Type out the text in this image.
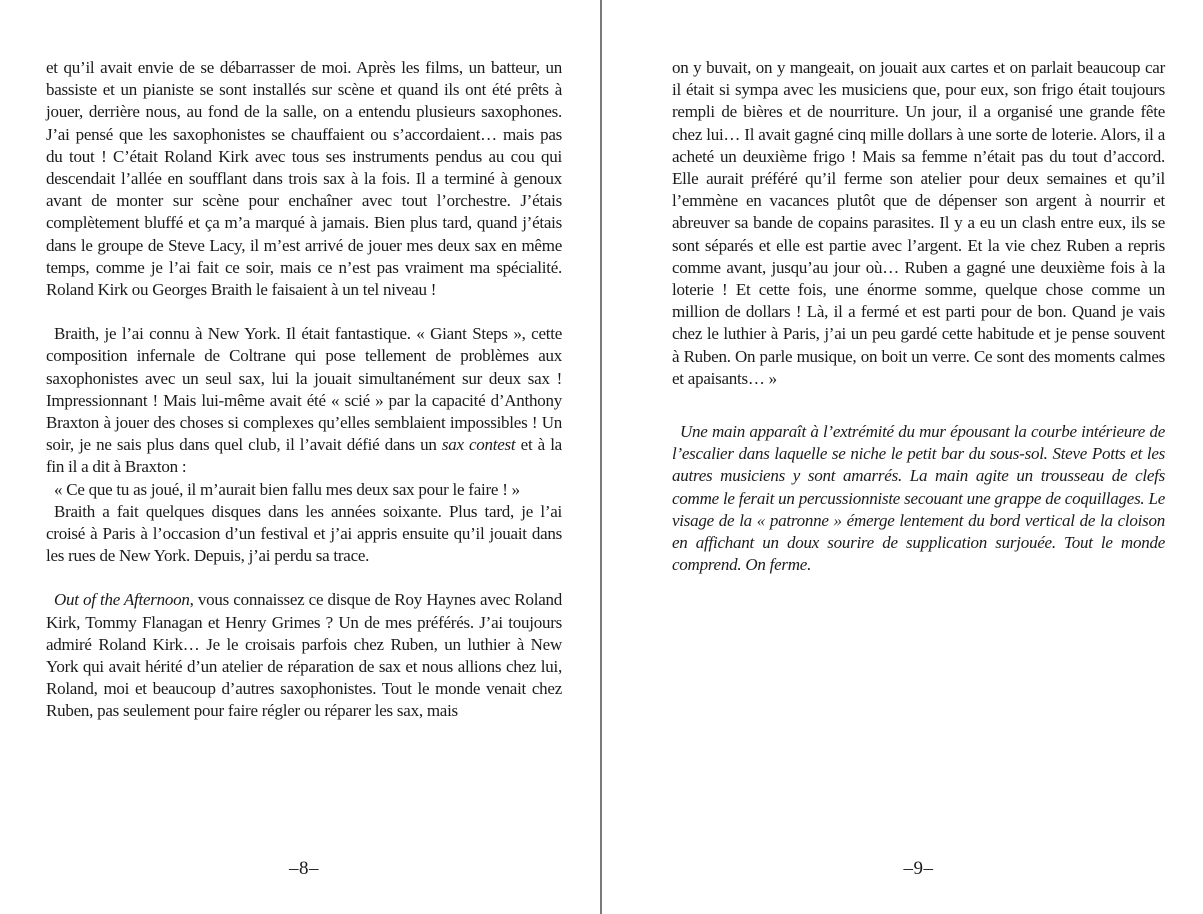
et qu’il avait envie de se débarrasser de moi. Après les films, un batteur, un bassiste et un pianiste se sont installés sur scène et quand ils ont été prêts à jouer, derrière nous, au fond de la salle, on a entendu plusieurs saxophones. J’ai pensé que les saxophonistes se chauffaient ou s’accordaient… mais pas du tout ! C’était Roland Kirk avec tous ses instruments pendus au cou qui descendait l’allée en soufflant dans trois sax à la fois. Il a terminé à genoux avant de monter sur scène pour enchaîner avec tout l’orchestre. J’étais complètement bluffé et ça m’a marqué à jamais. Bien plus tard, quand j’étais dans le groupe de Steve Lacy, il m’est arrivé de jouer mes deux sax en même temps, comme je l’ai fait ce soir, mais ce n’est pas vraiment ma spécialité. Roland Kirk ou Georges Braith le faisaient à un tel niveau !

Braith, je l’ai connu à New York. Il était fantastique. « Giant Steps », cette composition infernale de Coltrane qui pose tellement de problèmes aux saxophonistes avec un seul sax, lui la jouait simultanément sur deux sax ! Impressionnant ! Mais lui-même avait été « scié » par la capacité d’Anthony Braxton à jouer des choses si complexes qu’elles semblaient impossibles ! Un soir, je ne sais plus dans quel club, il l’avait défié dans un sax contest et à la fin il a dit à Braxton :

« Ce que tu as joué, il m’aurait bien fallu mes deux sax pour le faire ! »

Braith a fait quelques disques dans les années soixante. Plus tard, je l’ai croisé à Paris à l’occasion d’un festival et j’ai appris ensuite qu’il jouait dans les rues de New York. Depuis, j’ai perdu sa trace.

Out of the Afternoon, vous connaissez ce disque de Roy Haynes avec Roland Kirk, Tommy Flanagan et Henry Grimes ? Un de mes préférés. J’ai toujours admiré Roland Kirk… Je le croisais parfois chez Ruben, un luthier à New York qui avait hérité d’un atelier de réparation de sax et nous allions chez lui, Roland, moi et beaucoup d’autres saxophonistes. Tout le monde venait chez Ruben, pas seulement pour faire régler ou réparer les sax, mais

–8–

on y buvait, on y mangeait, on jouait aux cartes et on parlait beaucoup car il était si sympa avec les musiciens que, pour eux, son frigo était toujours rempli de bières et de nourriture. Un jour, il a organisé une grande fête chez lui… Il avait gagné cinq mille dollars à une sorte de loterie. Alors, il a acheté un deuxième frigo ! Mais sa femme n’était pas du tout d’accord. Elle aurait préféré qu’il ferme son atelier pour deux semaines et qu’il l’emmène en vacances plutôt que de dépenser son argent à nourrir et abreuver sa bande de copains parasites. Il y a eu un clash entre eux, ils se sont séparés et elle est partie avec l’argent. Et la vie chez Ruben a repris comme avant, jusqu’au jour où… Ruben a gagné une deuxième fois à la loterie ! Et cette fois, une énorme somme, quelque chose comme un million de dollars ! Là, il a fermé et est parti pour de bon. Quand je vais chez le luthier à Paris, j’ai un peu gardé cette habitude et je pense souvent à Ruben. On parle musique, on boit un verre. Ce sont des moments calmes et apaisants… »

Une main apparaît à l’extrémité du mur épousant la courbe intérieure de l’escalier dans laquelle se niche le petit bar du sous-sol. Steve Potts et les autres musiciens y sont amarrés. La main agite un trousseau de clefs comme le ferait un percussionniste secouant une grappe de coquillages. Le visage de la « patronne » émerge lentement du bord vertical de la cloison en affichant un doux sourire de supplication surjouée. Tout le monde comprend. On ferme.

–9–
